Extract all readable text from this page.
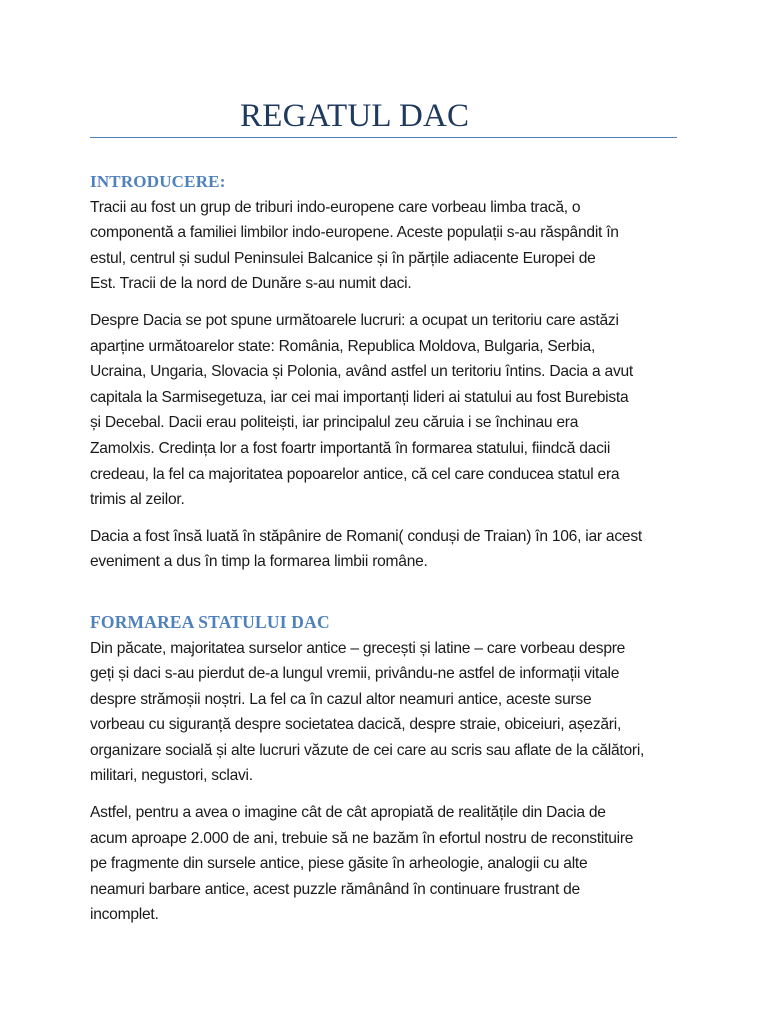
REGATUL DAC
INTRODUCERE:

Tracii au fost un grup de triburi indo-europene care vorbeau limba tracă, o
componentă a familiei limbilor indo-europene. Aceste populații s-au răspândit în
estul, centrul și sudul Peninsulei Balcanice și în părțile adiacente Europei de
Est. Tracii de la nord de Dunăre s-au numit daci.

Despre Dacia se pot spune următoarele lucruri: a ocupat un teritoriu care astăzi
aparține următoarelor state: România, Republica Moldova, Bulgaria, Serbia,
Ucraina, Ungaria, Slovacia și Polonia, având astfel un teritoriu întins. Dacia a avut
capitala la Sarmisegetuza, iar cei mai importanți lideri ai statului au fost Burebista
și Decebal. Dacii erau politeiști, iar principalul zeu căruia i se închinau era
Zamolxis. Credința lor a fost foartr importantă în formarea statului, fiindcă dacii
credeau, la fel ca majoritatea popoarelor antice, că cel care conducea statul era
trimis al zeilor.

Dacia a fost însă luată în stăpânire de Romani( conduși de Traian) în 106, iar acest
eveniment a dus în timp la formarea limbii române.

FORMAREA STATULUI DAC

Din păcate, majoritatea surselor antice – grecești și latine – care vorbeau despre
geți și daci s-au pierdut de-a lungul vremii, privându-ne astfel de informații vitale
despre strămoșii noștri. La fel ca în cazul altor neamuri antice, aceste surse
vorbeau cu siguranță despre societatea dacică, despre straie, obiceiuri, așezări,
organizare socială și alte lucruri văzute de cei care au scris sau aflate de la călători,
militari, negustori, sclavi.

Astfel, pentru a avea o imagine cât de cât apropiată de realitățile din Dacia de
acum aproape 2.000 de ani, trebuie să ne bazăm în efortul nostru de reconstituire
pe fragmente din sursele antice, piese găsite în arheologie, analogii cu alte
neamuri barbare antice, acest puzzle rămânând în continuare frustrant de
incomplet.
